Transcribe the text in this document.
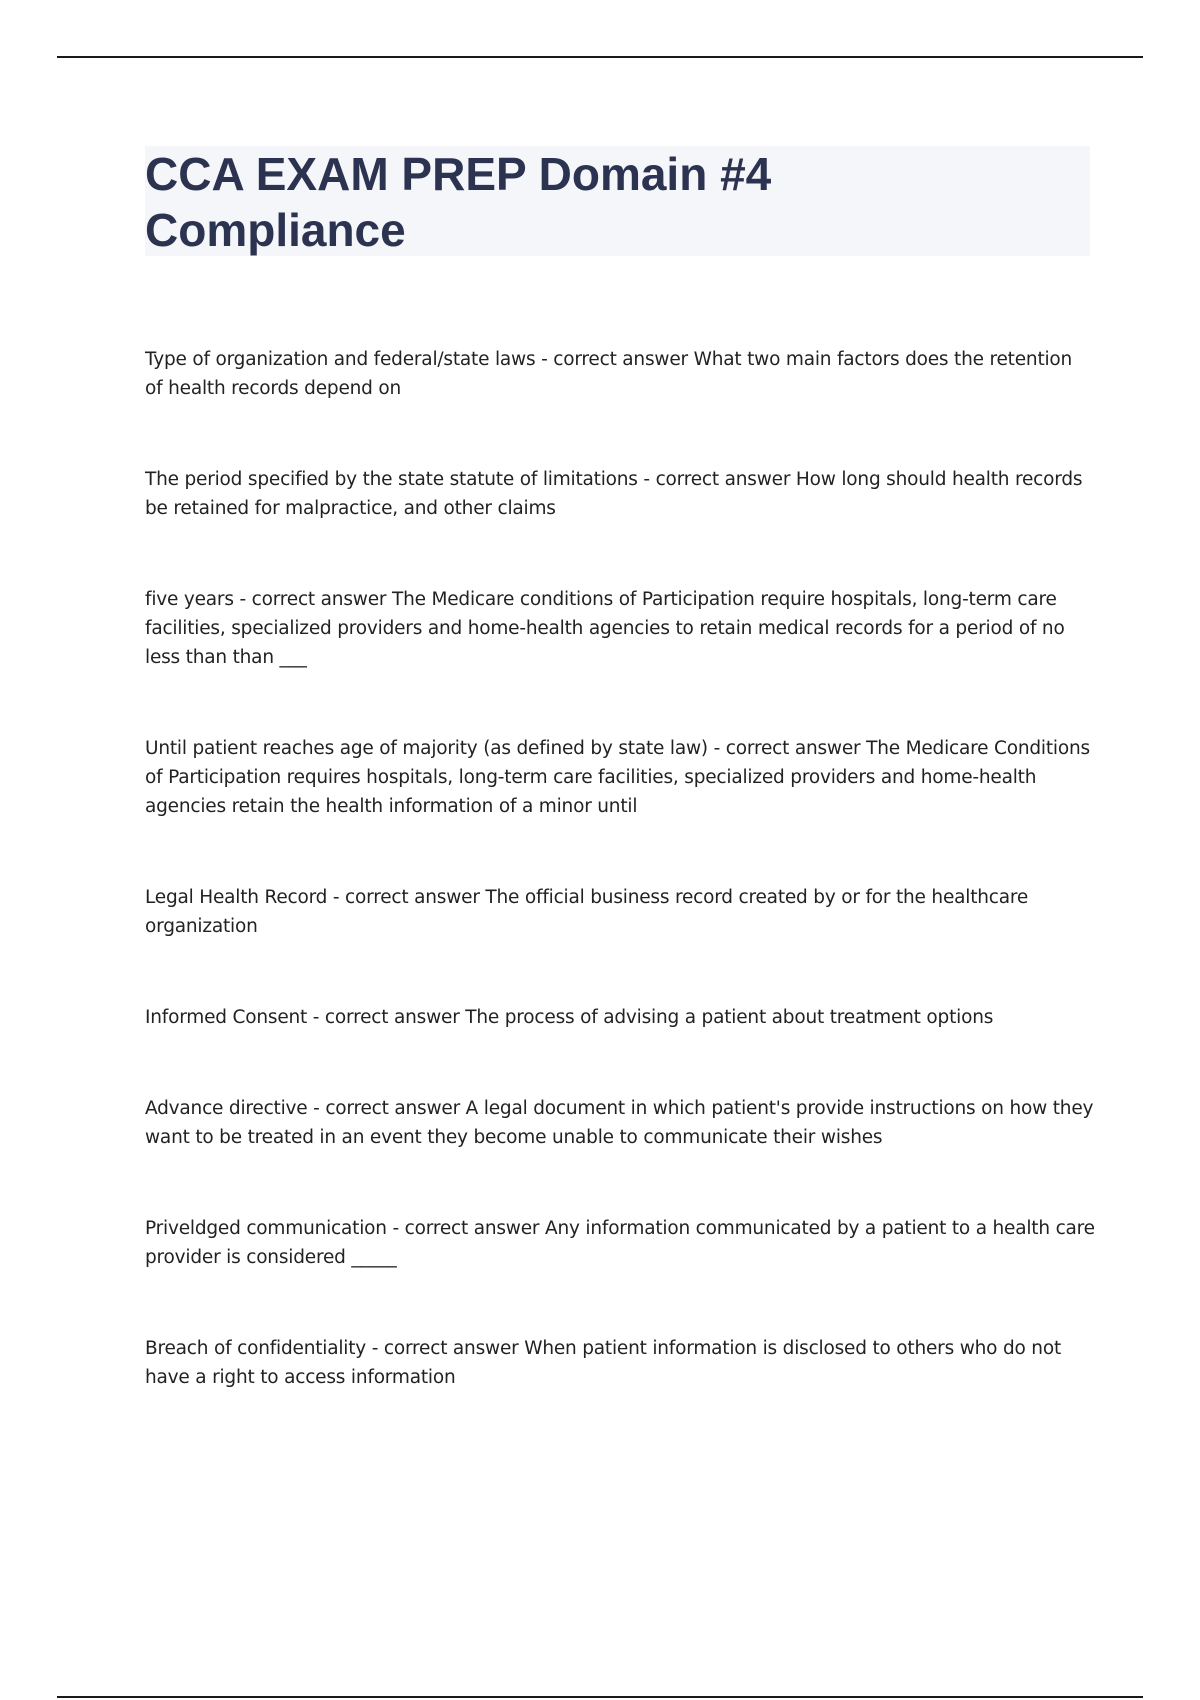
CCA EXAM PREP Domain #4
Compliance

Type of organization and federal/state laws - correct answer What two main factors does the retention of health records depend on

The period specified by the state statute of limitations - correct answer How long should health records be retained for malpractice, and other claims

five years - correct answer The Medicare conditions of Participation require hospitals, long-term care facilities, specialized providers and home-health agencies to retain medical records for a period of no less than than ___

Until patient reaches age of majority (as defined by state law) - correct answer The Medicare Conditions of Participation requires hospitals, long-term care facilities, specialized providers and home-health agencies retain the health information of a minor until

Legal Health Record - correct answer The official business record created by or for the healthcare organization

Informed Consent - correct answer The process of advising a patient about treatment options

Advance directive - correct answer A legal document in which patient's provide instructions on how they want to be treated in an event they become unable to communicate their wishes

Priveldged communication - correct answer Any information communicated by a patient to a health care provider is considered _____

Breach of confidentiality - correct answer When patient information is disclosed to others who do not have a right to access information
